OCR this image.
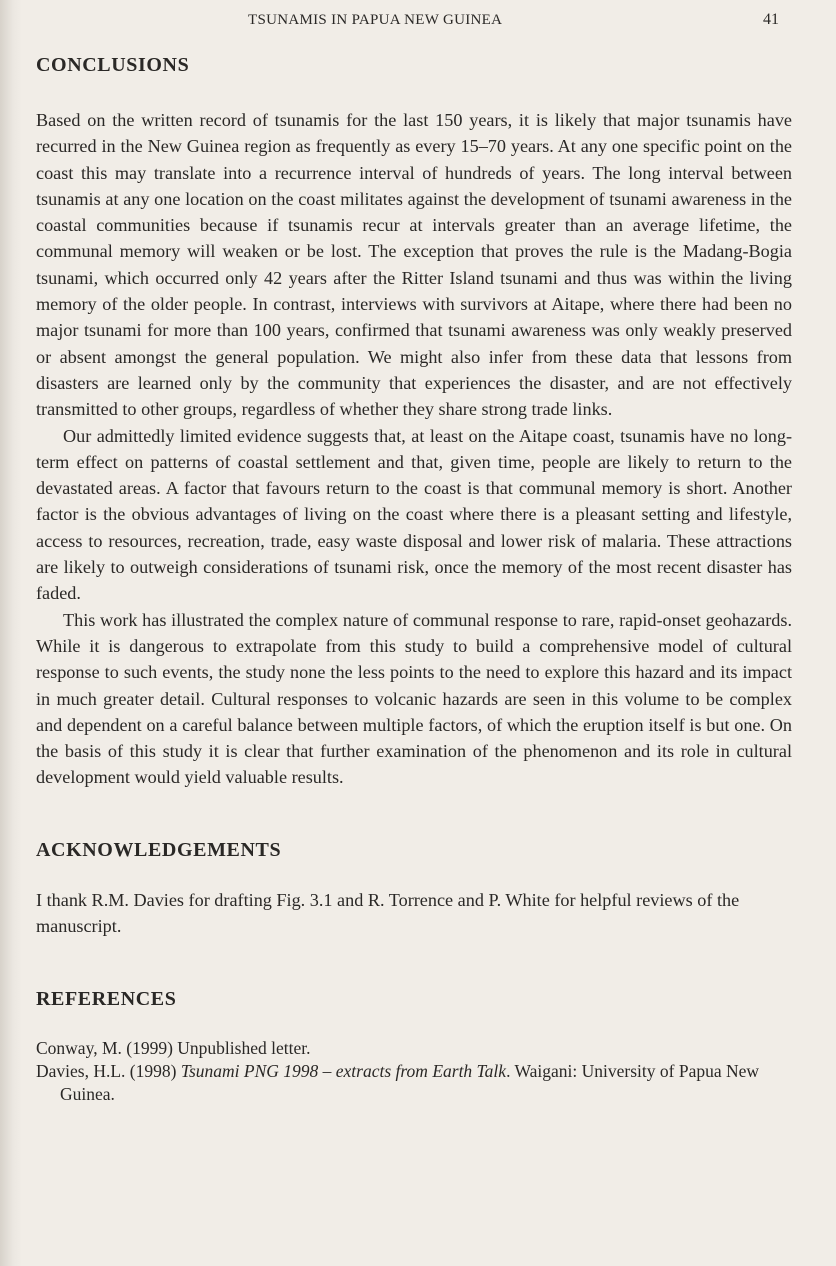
TSUNAMIS IN PAPUA NEW GUINEA	41
CONCLUSIONS

Based on the written record of tsunamis for the last 150 years, it is likely that major tsunamis have recurred in the New Guinea region as frequently as every 15–70 years. At any one specific point on the coast this may translate into a recurrence interval of hundreds of years. The long interval between tsunamis at any one location on the coast militates against the development of tsunami awareness in the coastal communities because if tsunamis recur at intervals greater than an average lifetime, the communal memory will weaken or be lost. The exception that proves the rule is the Madang-Bogia tsunami, which occurred only 42 years after the Ritter Island tsunami and thus was within the living memory of the older people. In contrast, interviews with survivors at Aitape, where there had been no major tsunami for more than 100 years, confirmed that tsunami awareness was only weakly preserved or absent amongst the general population. We might also infer from these data that lessons from disasters are learned only by the community that experiences the disaster, and are not effectively transmitted to other groups, regardless of whether they share strong trade links.

Our admittedly limited evidence suggests that, at least on the Aitape coast, tsunamis have no long-term effect on patterns of coastal settlement and that, given time, people are likely to return to the devastated areas. A factor that favours return to the coast is that communal memory is short. Another factor is the obvious advantages of living on the coast where there is a pleasant setting and lifestyle, access to resources, recreation, trade, easy waste disposal and lower risk of malaria. These attractions are likely to outweigh considerations of tsunami risk, once the memory of the most recent disaster has faded.

This work has illustrated the complex nature of communal response to rare, rapid-onset geohazards. While it is dangerous to extrapolate from this study to build a comprehensive model of cultural response to such events, the study none the less points to the need to explore this hazard and its impact in much greater detail. Cultural responses to volcanic hazards are seen in this volume to be complex and dependent on a careful balance between multiple factors, of which the eruption itself is but one. On the basis of this study it is clear that further examination of the phenomenon and its role in cultural development would yield valuable results.

ACKNOWLEDGEMENTS

I thank R.M. Davies for drafting Fig. 3.1 and R. Torrence and P. White for helpful reviews of the manuscript.

REFERENCES
Conway, M. (1999) Unpublished letter.
Davies, H.L. (1998) Tsunami PNG 1998 – extracts from Earth Talk. Waigani: University of Papua New Guinea.
